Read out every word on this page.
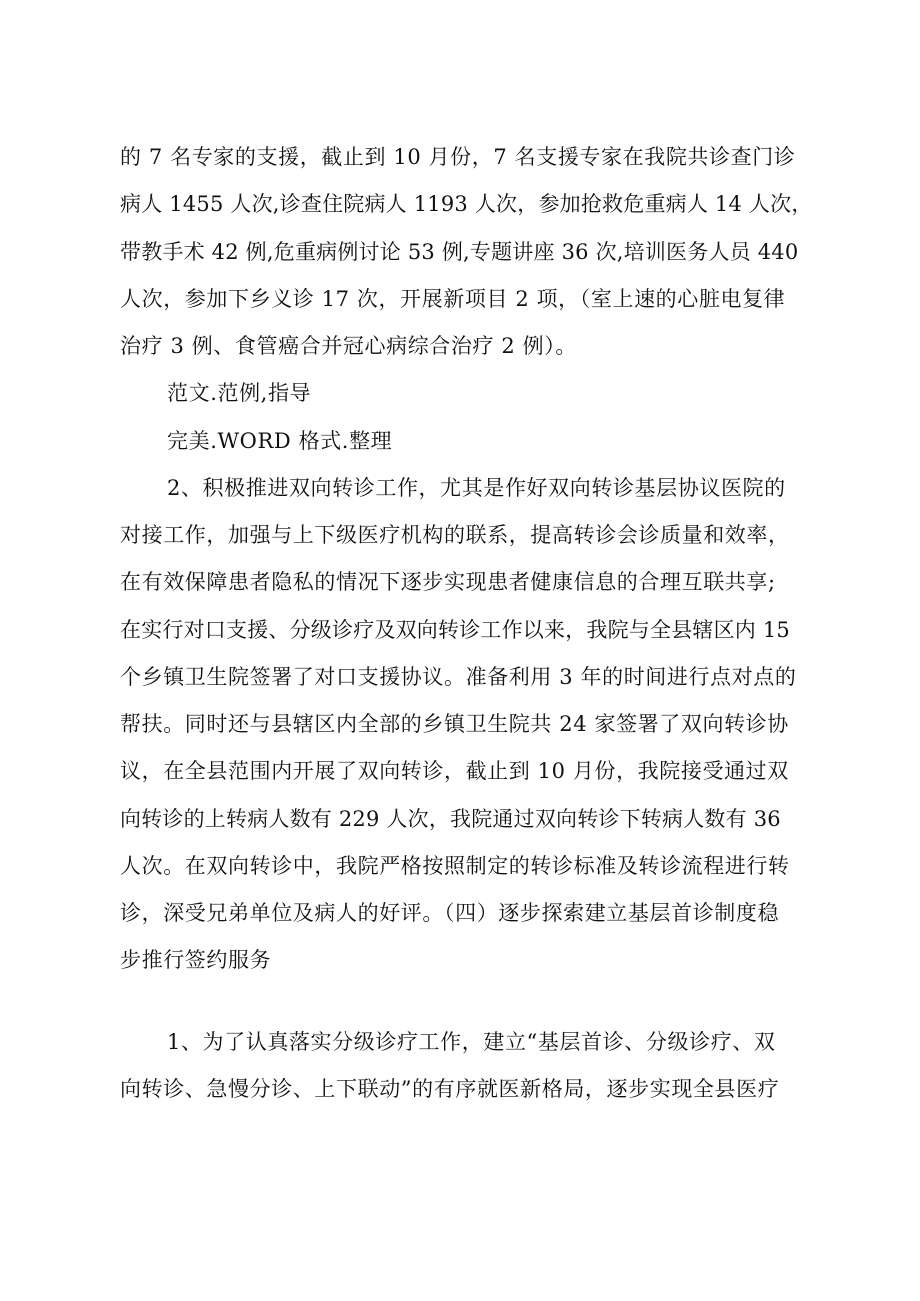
的 7 名专家的支援，截止到 10 月份，7 名支援专家在我院共诊查门诊
病人 1455 人次,诊查住院病人 1193 人次，参加抢救危重病人 14 人次，
带教手术 42 例,危重病例讨论 53 例,专题讲座 36 次,培训医务人员 440
人次，参加下乡义诊 17 次，开展新项目 2 项，（室上速的心脏电复律
治疗 3 例、食管癌合并冠心病综合治疗 2 例）。
范文.范例,指导
完美.WORD 格式.整理
2、积极推进双向转诊工作，尤其是作好双向转诊基层协议医院的
对接工作，加强与上下级医疗机构的联系，提高转诊会诊质量和效率，
在有效保障患者隐私的情况下逐步实现患者健康信息的合理互联共享;
在实行对口支援、分级诊疗及双向转诊工作以来，我院与全县辖区内 15
个乡镇卫生院签署了对口支援协议。准备利用 3 年的时间进行点对点的
帮扶。同时还与县辖区内全部的乡镇卫生院共 24 家签署了双向转诊协
议，在全县范围内开展了双向转诊，截止到 10 月份，我院接受通过双
向转诊的上转病人数有 229 人次，我院通过双向转诊下转病人数有 36
人次。在双向转诊中，我院严格按照制定的转诊标准及转诊流程进行转
诊，深受兄弟单位及病人的好评。（四）逐步探索建立基层首诊制度稳
步推行签约服务
1、为了认真落实分级诊疗工作，建立“基层首诊、分级诊疗、双
向转诊、急慢分诊、上下联动”的有序就医新格局，逐步实现全县医疗
